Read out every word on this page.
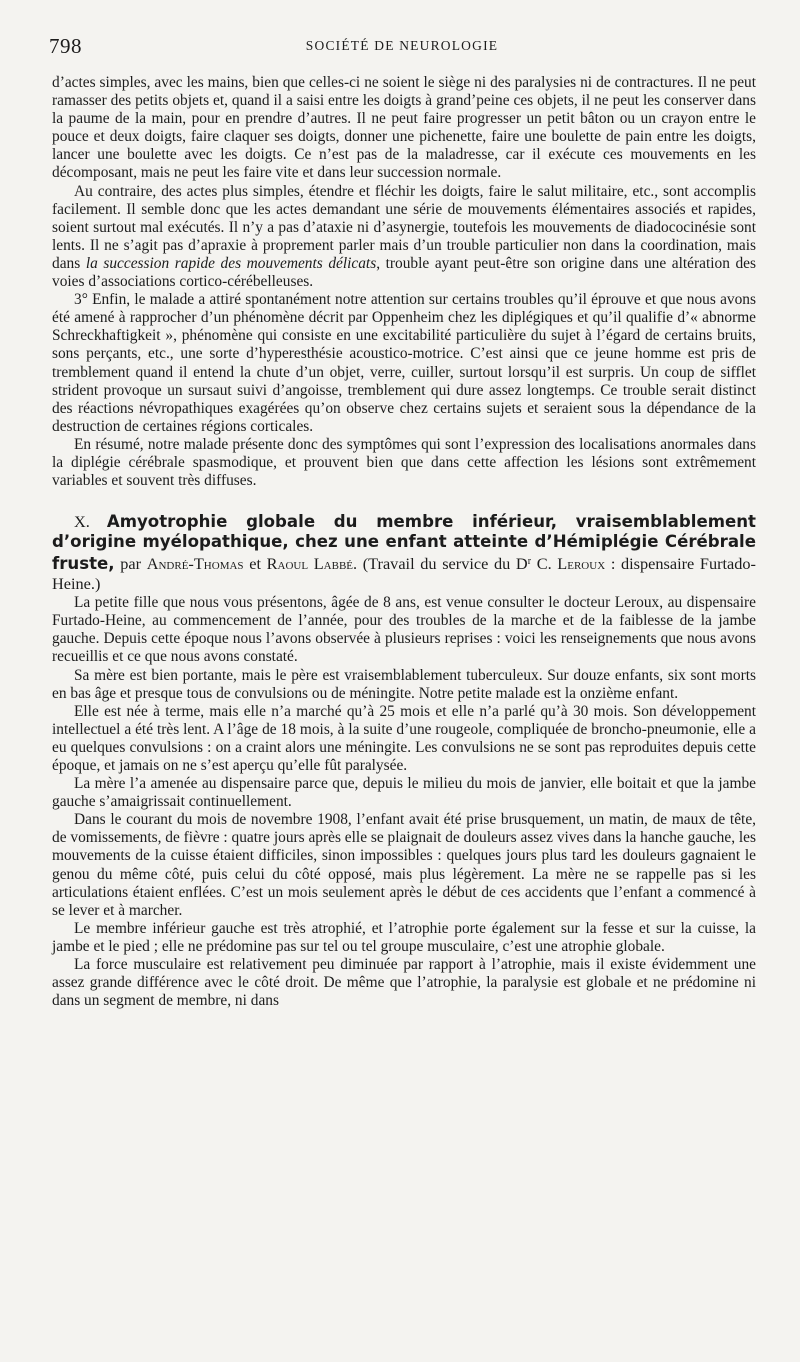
798	SOCIÉTÉ DE NEUROLOGIE

d’actes simples, avec les mains, bien que celles-ci ne soient le siège ni des paralysies ni de contractures. Il ne peut ramasser des petits objets et, quand il a saisi entre les doigts à grand’peine ces objets, il ne peut les conserver dans la paume de la main, pour en prendre d’autres. Il ne peut faire progresser un petit bâton ou un crayon entre le pouce et deux doigts, faire claquer ses doigts, donner une pichenette, faire une boulette de pain entre les doigts, lancer une boulette avec les doigts. Ce n’est pas de la maladresse, car il exécute ces mouvements en les décomposant, mais ne peut les faire vite et dans leur succession normale.

Au contraire, des actes plus simples, étendre et fléchir les doigts, faire le salut militaire, etc., sont accomplis facilement. Il semble donc que les actes demandant une série de mouvements élémentaires associés et rapides, soient surtout mal exécutés. Il n’y a pas d’ataxie ni d’asynergie, toutefois les mouvements de diadococinésie sont lents. Il ne s’agit pas d’apraxie à proprement parler mais d’un trouble particulier non dans la coordination, mais dans la succession rapide des mouvements délicats, trouble ayant peut-être son origine dans une altération des voies d’associations cortico-cérébelleuses.

3° Enfin, le malade a attiré spontanément notre attention sur certains troubles qu’il éprouve et que nous avons été amené à rapprocher d’un phénomène décrit par Oppenheim chez les diplégiques et qu’il qualifie d’« abnorme Schreckhaftigkeit », phénomène qui consiste en une excitabilité particulière du sujet à l’égard de certains bruits, sons perçants, etc., une sorte d’hyperesthésie acoustico-motrice. C’est ainsi que ce jeune homme est pris de tremblement quand il entend la chute d’un objet, verre, cuiller, surtout lorsqu’il est surpris. Un coup de sifflet strident provoque un sursaut suivi d’angoisse, tremblement qui dure assez longtemps. Ce trouble serait distinct des réactions névropathiques exagérées qu’on observe chez certains sujets et seraient sous la dépendance de la destruction de certaines régions corticales.

En résumé, notre malade présente donc des symptômes qui sont l’expression des localisations anormales dans la diplégie cérébrale spasmodique, et prouvent bien que dans cette affection les lésions sont extrêmement variables et souvent très diffuses.

X. Amyotrophie globale du membre inférieur, vraisemblablement d’origine myélopathique, chez une enfant atteinte d’Hémiplégie Cérébrale fruste, par André-Thomas et Raoul Labbé. (Travail du service du $D^r$ C. Leroux : dispensaire Furtado-Heine.)

La petite fille que nous vous présentons, âgée de 8 ans, est venue consulter le docteur Leroux, au dispensaire Furtado-Heine, au commencement de l’année, pour des troubles de la marche et de la faiblesse de la jambe gauche. Depuis cette époque nous l’avons observée à plusieurs reprises : voici les renseignements que nous avons recueillis et ce que nous avons constaté.

Sa mère est bien portante, mais le père est vraisemblablement tuberculeux. Sur douze enfants, six sont morts en bas âge et presque tous de convulsions ou de méningite. Notre petite malade est la onzième enfant.

Elle est née à terme, mais elle n’a marché qu’à 25 mois et elle n’a parlé qu’à 30 mois. Son développement intellectuel a été très lent. A l’âge de 18 mois, à la suite d’une rougeole, compliquée de broncho-pneumonie, elle a eu quelques convulsions : on a craint alors une méningite. Les convulsions ne se sont pas reproduites depuis cette époque, et jamais on ne s’est aperçu qu’elle fût paralysée.

La mère l’a amenée au dispensaire parce que, depuis le milieu du mois de janvier, elle boitait et que la jambe gauche s’amaigrissait continuellement.

Dans le courant du mois de novembre 1908, l’enfant avait été prise brusquement, un matin, de maux de tête, de vomissements, de fièvre : quatre jours après elle se plaignait de douleurs assez vives dans la hanche gauche, les mouvements de la cuisse étaient difficiles, sinon impossibles : quelques jours plus tard les douleurs gagnaient le genou du même côté, puis celui du côté opposé, mais plus légèrement. La mère ne se rappelle pas si les articulations étaient enflées. C’est un mois seulement après le début de ces accidents que l’enfant a commencé à se lever et à marcher.

Le membre inférieur gauche est très atrophié, et l’atrophie porte également sur la fesse et sur la cuisse, la jambe et le pied ; elle ne prédomine pas sur tel ou tel groupe musculaire, c’est une atrophie globale.

La force musculaire est relativement peu diminuée par rapport à l’atrophie, mais il existe évidemment une assez grande différence avec le côté droit. De même que l’atrophie, la paralysie est globale et ne prédomine ni dans un segment de membre, ni dans
